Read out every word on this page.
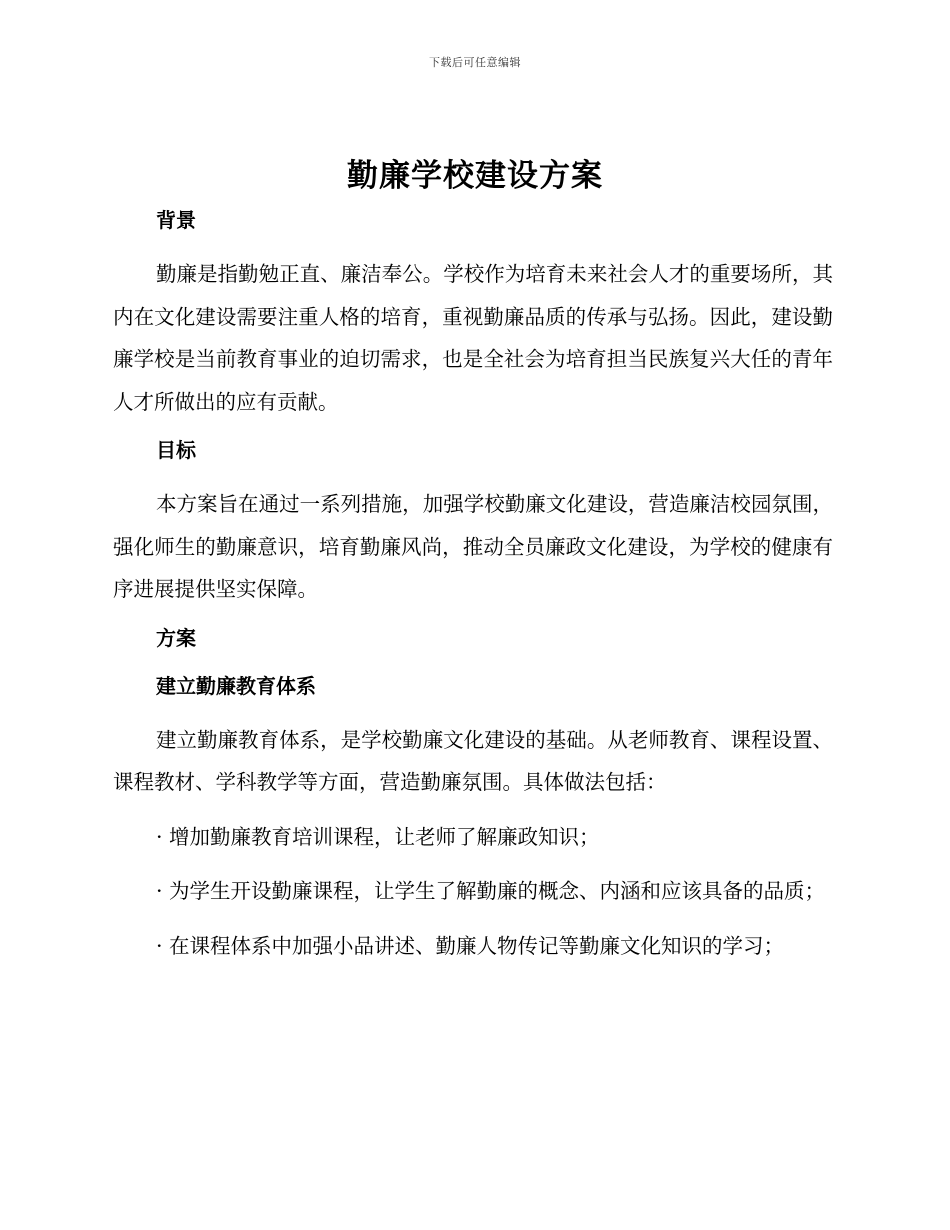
下载后可任意编辑
勤廉学校建设方案
背景

勤廉是指勤勉正直、廉洁奉公。学校作为培育未来社会人才的重要场所，其内在文化建设需要注重人格的培育，重视勤廉品质的传承与弘扬。因此，建设勤廉学校是当前教育事业的迫切需求，也是全社会为培育担当民族复兴大任的青年人才所做出的应有贡献。

目标

本方案旨在通过一系列措施，加强学校勤廉文化建设，营造廉洁校园氛围，强化师生的勤廉意识，培育勤廉风尚，推动全员廉政文化建设，为学校的健康有序进展提供坚实保障。

方案
建立勤廉教育体系

建立勤廉教育体系，是学校勤廉文化建设的基础。从老师教育、课程设置、课程教材、学科教学等方面，营造勤廉氛围。具体做法包括：

· 增加勤廉教育培训课程，让老师了解廉政知识；

· 为学生开设勤廉课程，让学生了解勤廉的概念、内涵和应该具备的品质；

· 在课程体系中加强小品讲述、勤廉人物传记等勤廉文化知识的学习；
